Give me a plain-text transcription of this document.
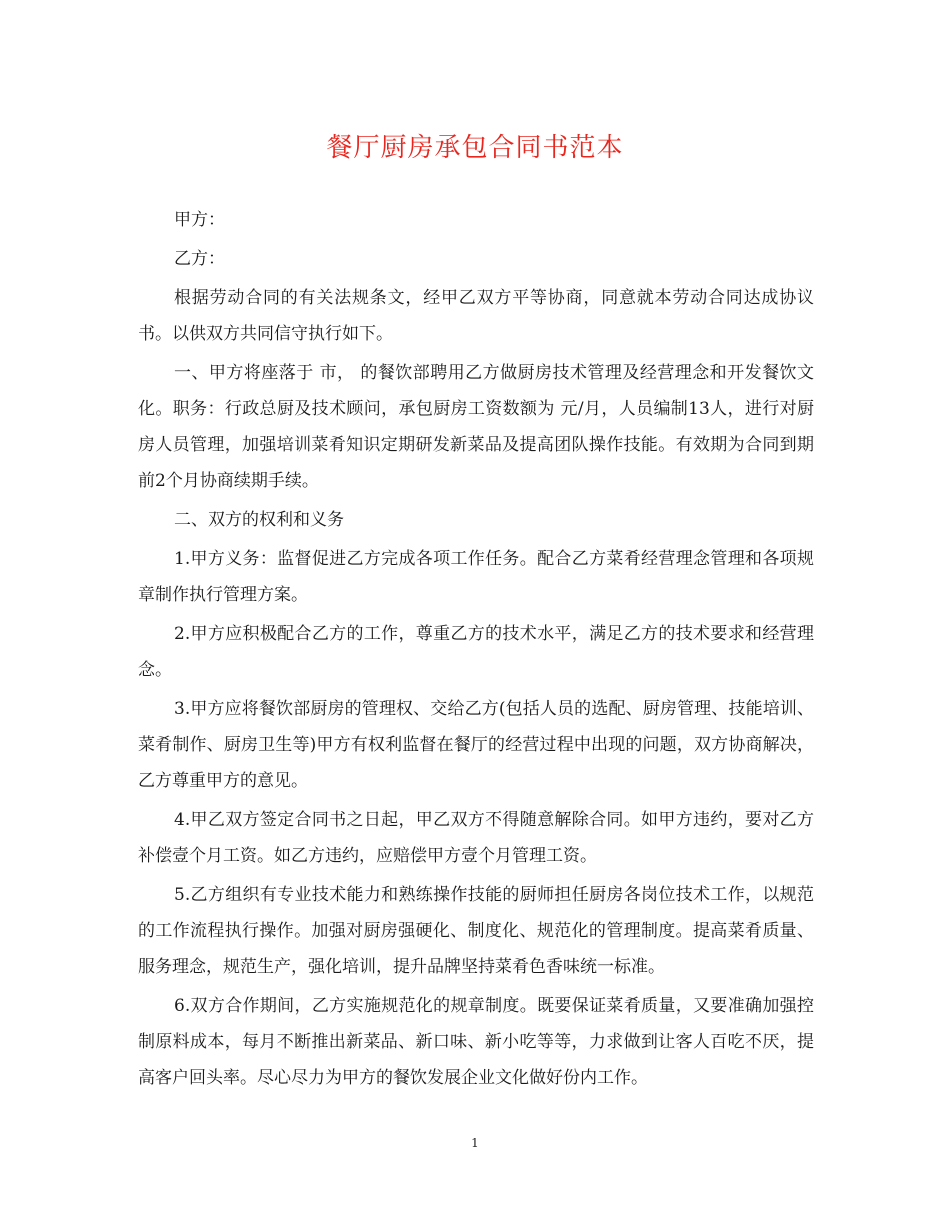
餐厅厨房承包合同书范本

甲方：

乙方：

根据劳动合同的有关法规条文，经甲乙双方平等协商，同意就本劳动合同达成协议书。以供双方共同信守执行如下。

一、甲方将座落于 市， 的餐饮部聘用乙方做厨房技术管理及经营理念和开发餐饮文化。职务：行政总厨及技术顾问，承包厨房工资数额为 元/月，人员编制13人，进行对厨房人员管理，加强培训菜肴知识定期研发新菜品及提高团队操作技能。有效期为合同到期前2个月协商续期手续。

二、双方的权利和义务

1.甲方义务：监督促进乙方完成各项工作任务。配合乙方菜肴经营理念管理和各项规章制作执行管理方案。

2.甲方应积极配合乙方的工作，尊重乙方的技术水平，满足乙方的技术要求和经营理念。

3.甲方应将餐饮部厨房的管理权、交给乙方(包括人员的选配、厨房管理、技能培训、菜肴制作、厨房卫生等)甲方有权利监督在餐厅的经营过程中出现的问题，双方协商解决，乙方尊重甲方的意见。

4.甲乙双方签定合同书之日起，甲乙双方不得随意解除合同。如甲方违约，要对乙方补偿壹个月工资。如乙方违约，应赔偿甲方壹个月管理工资。

5.乙方组织有专业技术能力和熟练操作技能的厨师担任厨房各岗位技术工作，以规范的工作流程执行操作。加强对厨房强硬化、制度化、规范化的管理制度。提高菜肴质量、服务理念，规范生产，强化培训，提升品牌坚持菜肴色香味统一标准。

6.双方合作期间，乙方实施规范化的规章制度。既要保证菜肴质量，又要准确加强控制原料成本，每月不断推出新菜品、新口味、新小吃等等，力求做到让客人百吃不厌，提高客户回头率。尽心尽力为甲方的餐饮发展企业文化做好份内工作。

1
